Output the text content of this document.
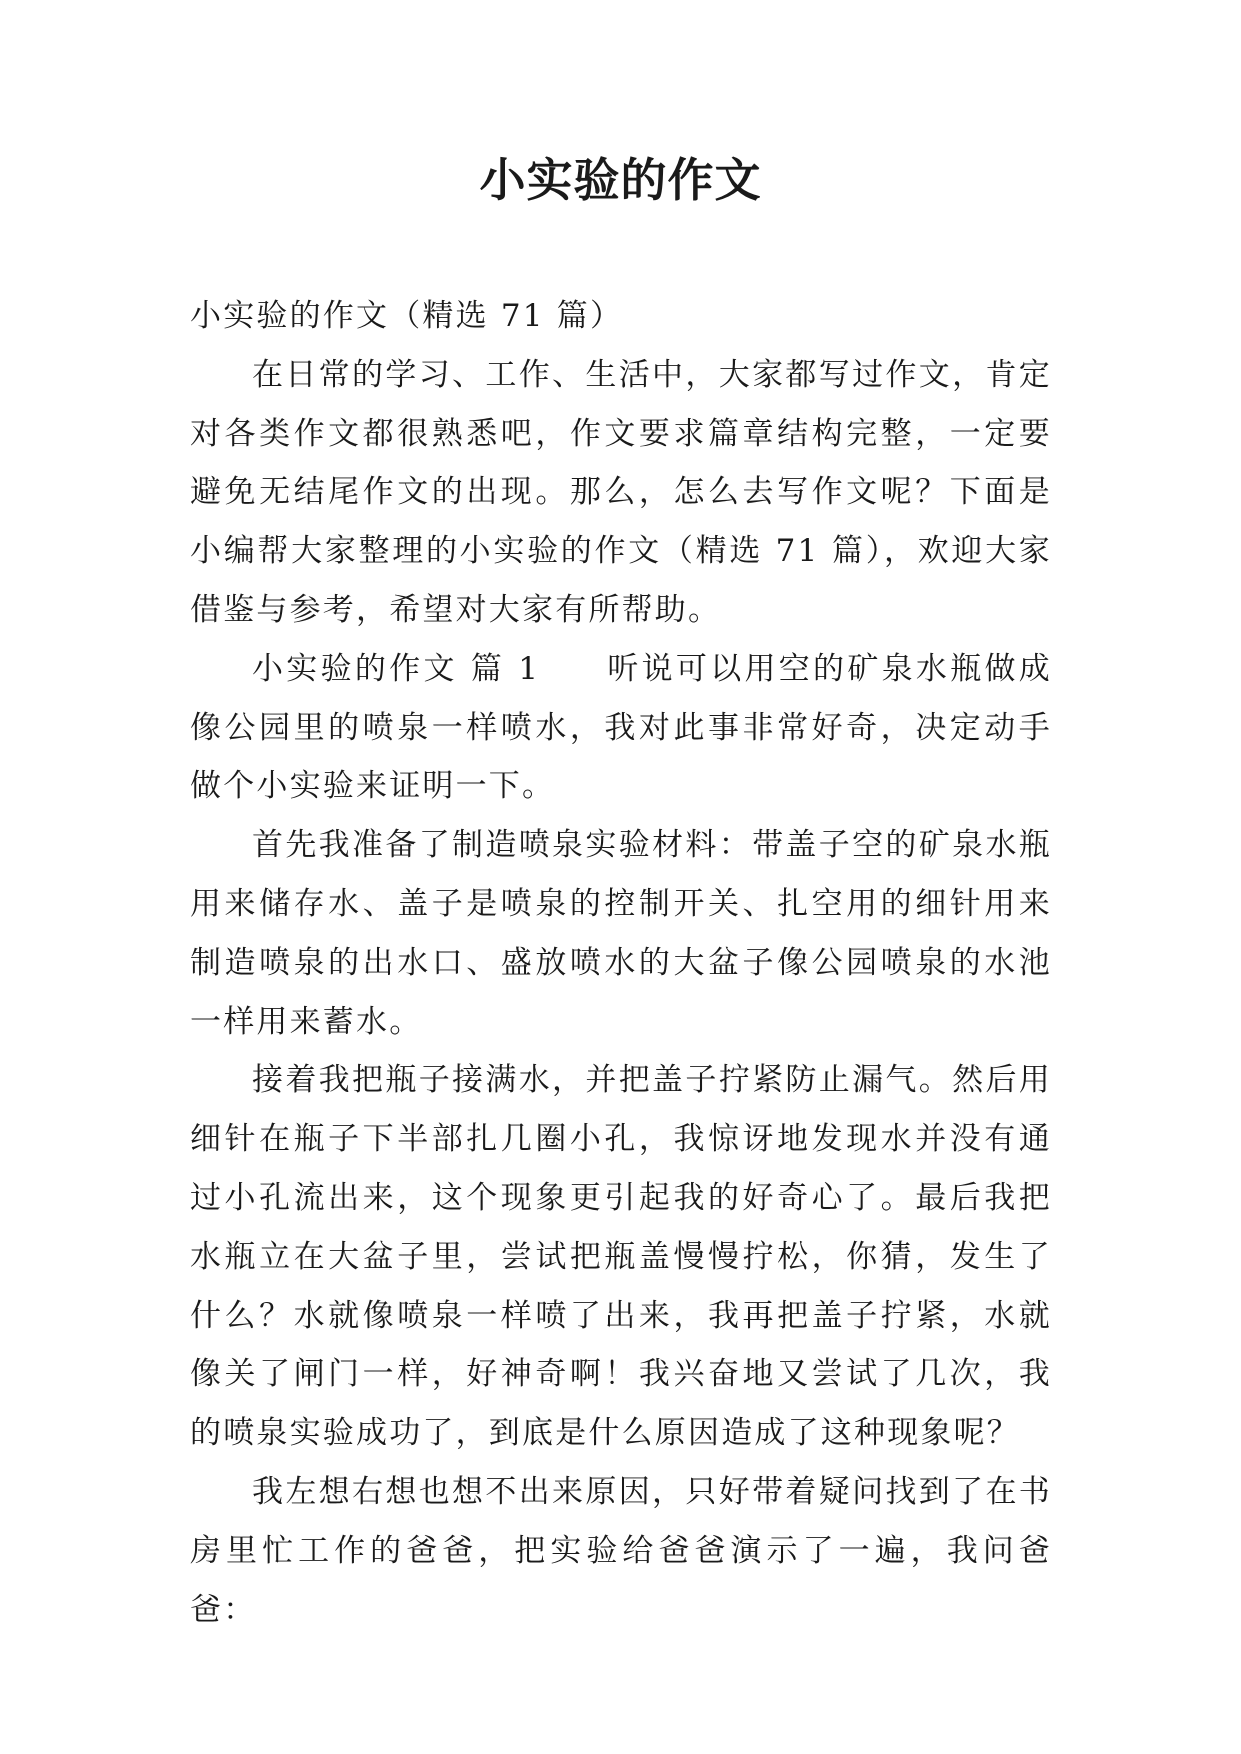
小实验的作文

小实验的作文（精选 71 篇）

在日常的学习、工作、生活中，大家都写过作文，肯定对各类作文都很熟悉吧，作文要求篇章结构完整，一定要避免无结尾作文的出现。那么，怎么去写作文呢？下面是小编帮大家整理的小实验的作文（精选 71 篇），欢迎大家借鉴与参考，希望对大家有所帮助。

小实验的作文 篇 1 听说可以用空的矿泉水瓶做成像公园里的喷泉一样喷水，我对此事非常好奇，决定动手做个小实验来证明一下。

首先我准备了制造喷泉实验材料：带盖子空的矿泉水瓶用来储存水、盖子是喷泉的控制开关、扎空用的细针用来制造喷泉的出水口、盛放喷水的大盆子像公园喷泉的水池一样用来蓄水。

接着我把瓶子接满水，并把盖子拧紧防止漏气。然后用细针在瓶子下半部扎几圈小孔，我惊讶地发现水并没有通过小孔流出来，这个现象更引起我的好奇心了。最后我把水瓶立在大盆子里，尝试把瓶盖慢慢拧松，你猜，发生了什么？水就像喷泉一样喷了出来，我再把盖子拧紧，水就像关了闸门一样，好神奇啊！我兴奋地又尝试了几次，我的喷泉实验成功了，到底是什么原因造成了这种现象呢？

我左想右想也想不出来原因，只好带着疑问找到了在书房里忙工作的爸爸，把实验给爸爸演示了一遍，我问爸爸：
